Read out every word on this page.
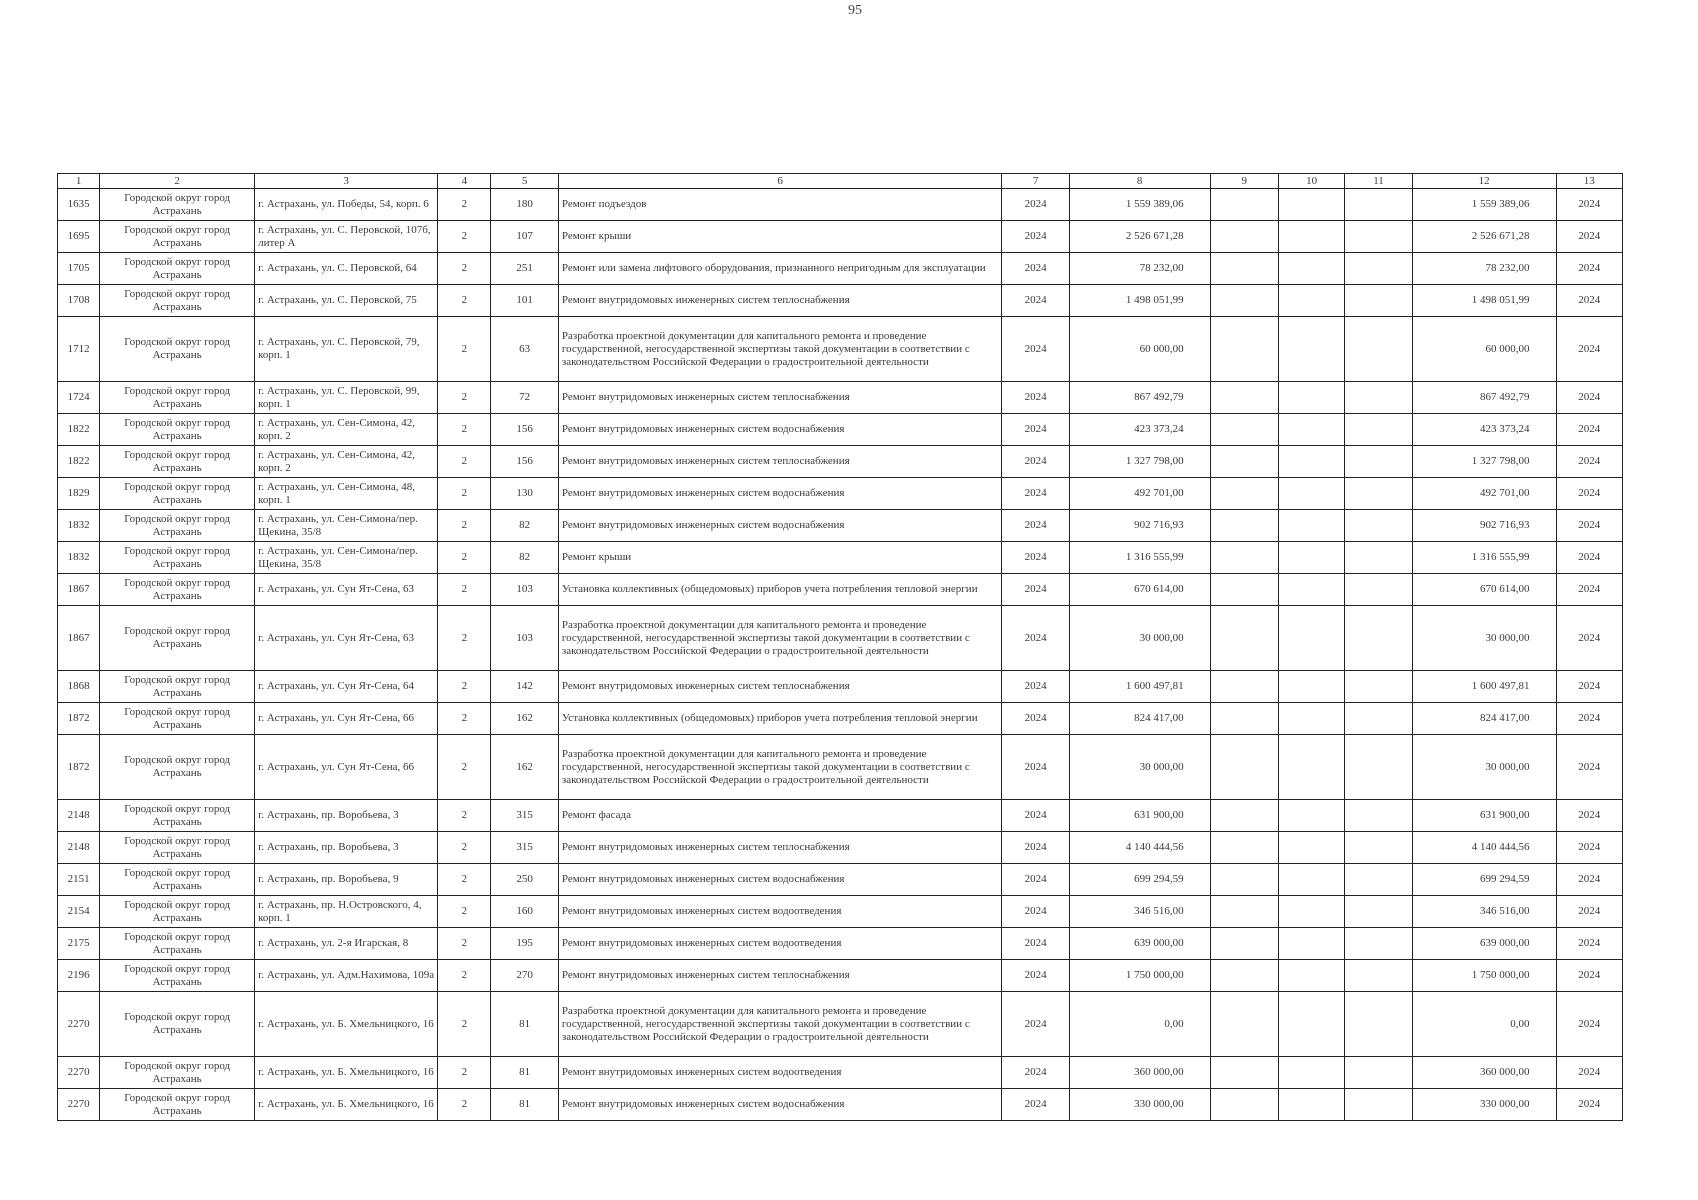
95
1	2	3	4	5	6	7	8	9	10	11	12	13
1635	Городской округ город Астрахань	г. Астрахань, ул. Победы, 54, корп. 6	2	180	Ремонт подъездов	2024	1 559 389,06				1 559 389,06	2024
1695	Городской округ город Астрахань	г. Астрахань, ул. С. Перовской, 107б, литер А	2	107	Ремонт крыши	2024	2 526 671,28				2 526 671,28	2024
1705	Городской округ город Астрахань	г. Астрахань, ул. С. Перовской, 64	2	251	Ремонт или замена лифтового оборудования, признанного непригодным для эксплуатации	2024	78 232,00				78 232,00	2024
1708	Городской округ город Астрахань	г. Астрахань, ул. С. Перовской, 75	2	101	Ремонт внутридомовых инженерных систем теплоснабжения	2024	1 498 051,99				1 498 051,99	2024
1712	Городской округ город Астрахань	г. Астрахань, ул. С. Перовской, 79, корп. 1	2	63	Разработка проектной документации для капитального ремонта и проведение государственной, негосударственной экспертизы такой документации в соответствии с законодательством Российской Федерации о градостроительной деятельности	2024	60 000,00				60 000,00	2024
1724	Городской округ город Астрахань	г. Астрахань, ул. С. Перовской, 99, корп. 1	2	72	Ремонт внутридомовых инженерных систем теплоснабжения	2024	867 492,79				867 492,79	2024
1822	Городской округ город Астрахань	г. Астрахань, ул. Сен-Симона, 42, корп. 2	2	156	Ремонт внутридомовых инженерных систем водоснабжения	2024	423 373,24				423 373,24	2024
1822	Городской округ город Астрахань	г. Астрахань, ул. Сен-Симона, 42, корп. 2	2	156	Ремонт внутридомовых инженерных систем теплоснабжения	2024	1 327 798,00				1 327 798,00	2024
1829	Городской округ город Астрахань	г. Астрахань, ул. Сен-Симона, 48, корп. 1	2	130	Ремонт внутридомовых инженерных систем водоснабжения	2024	492 701,00				492 701,00	2024
1832	Городской округ город Астрахань	г. Астрахань, ул. Сен-Симона/пер. Щекина, 35/8	2	82	Ремонт внутридомовых инженерных систем водоснабжения	2024	902 716,93				902 716,93	2024
1832	Городской округ город Астрахань	г. Астрахань, ул. Сен-Симона/пер. Щекина, 35/8	2	82	Ремонт крыши	2024	1 316 555,99				1 316 555,99	2024
1867	Городской округ город Астрахань	г. Астрахань, ул. Сун Ят-Сена, 63	2	103	Установка коллективных (общедомовых) приборов учета потребления тепловой энергии	2024	670 614,00				670 614,00	2024
1867	Городской округ город Астрахань	г. Астрахань, ул. Сун Ят-Сена, 63	2	103	Разработка проектной документации для капитального ремонта и проведение государственной, негосударственной экспертизы такой документации в соответствии с законодательством Российской Федерации о градостроительной деятельности	2024	30 000,00				30 000,00	2024
1868	Городской округ город Астрахань	г. Астрахань, ул. Сун Ят-Сена, 64	2	142	Ремонт внутридомовых инженерных систем теплоснабжения	2024	1 600 497,81				1 600 497,81	2024
1872	Городской округ город Астрахань	г. Астрахань, ул. Сун Ят-Сена, 66	2	162	Установка коллективных (общедомовых) приборов учета потребления тепловой энергии	2024	824 417,00				824 417,00	2024
1872	Городской округ город Астрахань	г. Астрахань, ул. Сун Ят-Сена, 66	2	162	Разработка проектной документации для капитального ремонта и проведение государственной, негосударственной экспертизы такой документации в соответствии с законодательством Российской Федерации о градостроительной деятельности	2024	30 000,00				30 000,00	2024
2148	Городской округ город Астрахань	г. Астрахань, пр. Воробьева, 3	2	315	Ремонт фасада	2024	631 900,00				631 900,00	2024
2148	Городской округ город Астрахань	г. Астрахань, пр. Воробьева, 3	2	315	Ремонт внутридомовых инженерных систем теплоснабжения	2024	4 140 444,56				4 140 444,56	2024
2151	Городской округ город Астрахань	г. Астрахань, пр. Воробьева, 9	2	250	Ремонт внутридомовых инженерных систем водоснабжения	2024	699 294,59				699 294,59	2024
2154	Городской округ город Астрахань	г. Астрахань, пр. Н.Островского, 4, корп. 1	2	160	Ремонт внутридомовых инженерных систем водоотведения	2024	346 516,00				346 516,00	2024
2175	Городской округ город Астрахань	г. Астрахань, ул. 2-я Игарская, 8	2	195	Ремонт внутридомовых инженерных систем водоотведения	2024	639 000,00				639 000,00	2024
2196	Городской округ город Астрахань	г. Астрахань, ул. Адм.Нахимова, 109а	2	270	Ремонт внутридомовых инженерных систем теплоснабжения	2024	1 750 000,00				1 750 000,00	2024
2270	Городской округ город Астрахань	г. Астрахань, ул. Б. Хмельницкого, 16	2	81	Разработка проектной документации для капитального ремонта и проведение государственной, негосударственной экспертизы такой документации в соответствии с законодательством Российской Федерации о градостроительной деятельности	2024	0,00				0,00	2024
2270	Городской округ город Астрахань	г. Астрахань, ул. Б. Хмельницкого, 16	2	81	Ремонт внутридомовых инженерных систем водоотведения	2024	360 000,00				360 000,00	2024
2270	Городской округ город Астрахань	г. Астрахань, ул. Б. Хмельницкого, 16	2	81	Ремонт внутридомовых инженерных систем водоснабжения	2024	330 000,00				330 000,00	2024
